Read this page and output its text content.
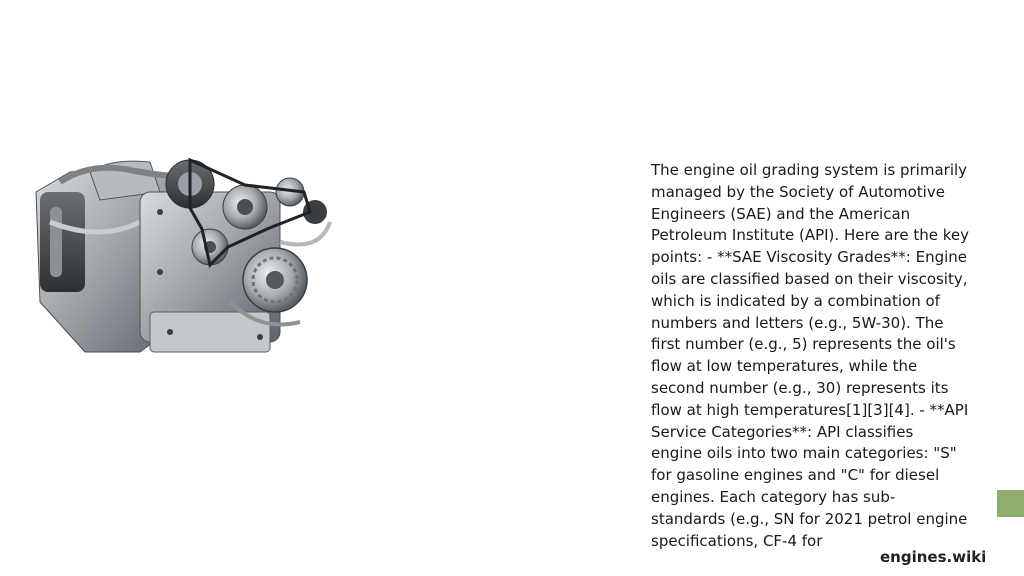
The engine oil grading system is primarily managed by the Society of Automotive Engineers (SAE) and the American Petroleum Institute (API). Here are the key points: - **SAE Viscosity Grades**: Engine oils are classified based on their viscosity, which is indicated by a combination of numbers and letters (e.g., 5W-30). The first number (e.g., 5) represents the oil's flow at low temperatures, while the second number (e.g., 30) represents its flow at high temperatures[1][3][4]. - **API Service Categories**: API classifies engine oils into two main categories: "S" for gasoline engines and "C" for diesel engines. Each category has sub-standards (e.g., SN for 2021 petrol engine specifications, CF-4 for

engines.wiki
